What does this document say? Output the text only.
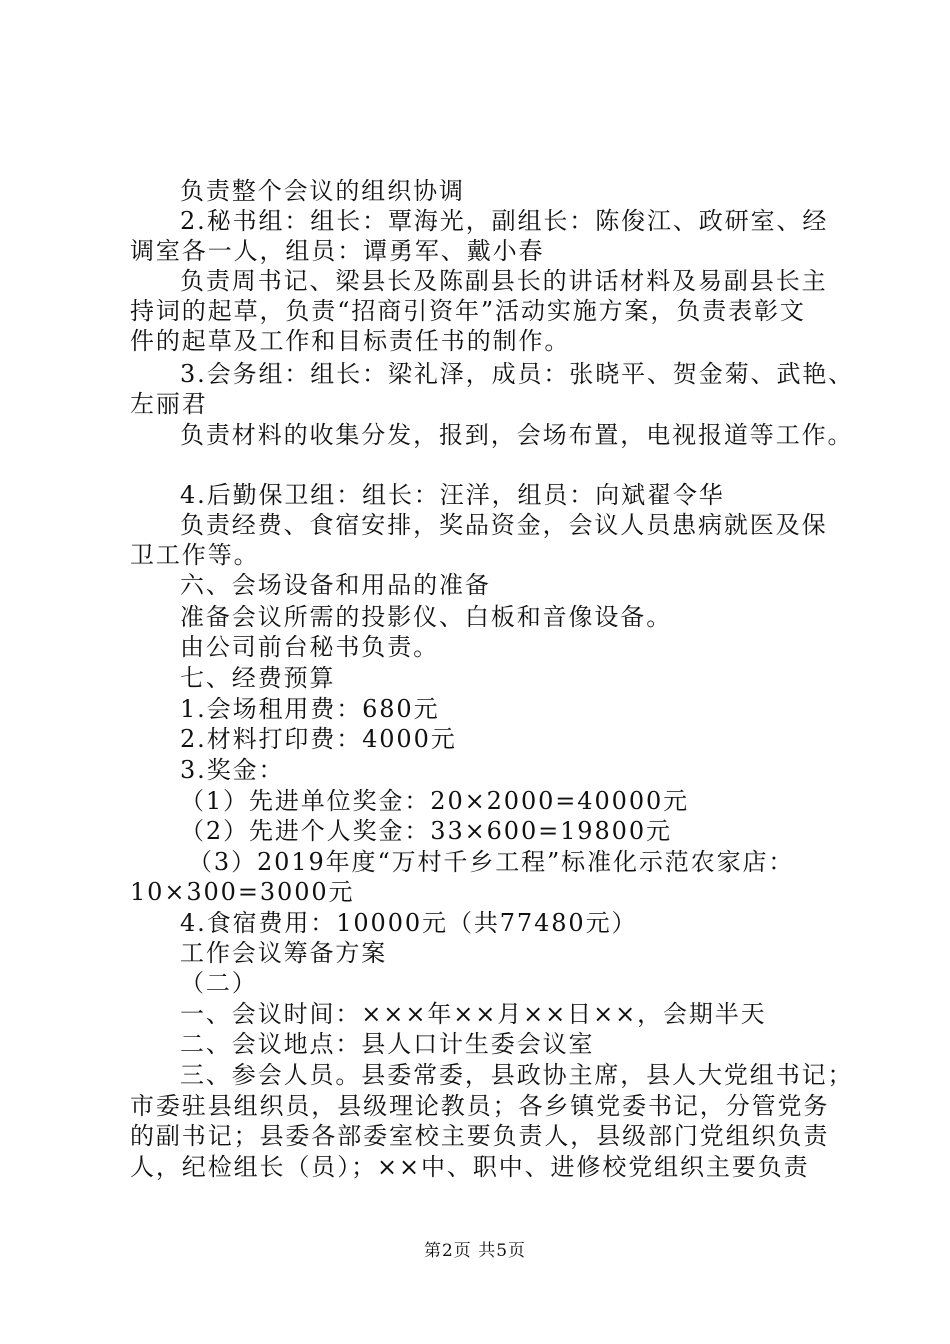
负责整个会议的组织协调
2.秘书组：组长：覃海光，副组长：陈俊江、政研室、经
调室各一人，组员：谭勇军、戴小春
负责周书记、梁县长及陈副县长的讲话材料及易副县长主
持词的起草，负责“招商引资年”活动实施方案，负责表彰文
件的起草及工作和目标责任书的制作。
3.会务组：组长：梁礼泽，成员：张晓平、贺金菊、武艳、
左丽君
负责材料的收集分发，报到，会场布置，电视报道等工作。
4.后勤保卫组：组长：汪洋，组员：向斌翟令华
负责经费、食宿安排，奖品资金，会议人员患病就医及保
卫工作等。
六、会场设备和用品的准备
准备会议所需的投影仪、白板和音像设备。
由公司前台秘书负责。
七、经费预算
1.会场租用费：680元
2.材料打印费：4000元
3.奖金：
（1）先进单位奖金：20×2000=40000元
（2）先进个人奖金：33×600=19800元
（3）2019年度“万村千乡工程”标准化示范农家店：
10×300=3000元
4.食宿费用：10000元（共77480元）
工作会议筹备方案
（二）
一、会议时间：×××年××月××日××，会期半天
二、会议地点：县人口计生委会议室
三、参会人员。县委常委，县政协主席，县人大党组书记；
市委驻县组织员，县级理论教员；各乡镇党委书记，分管党务
的副书记；县委各部委室校主要负责人，县级部门党组织负责
人，纪检组长（员）；××中、职中、进修校党组织主要负责
第2页 共5页
